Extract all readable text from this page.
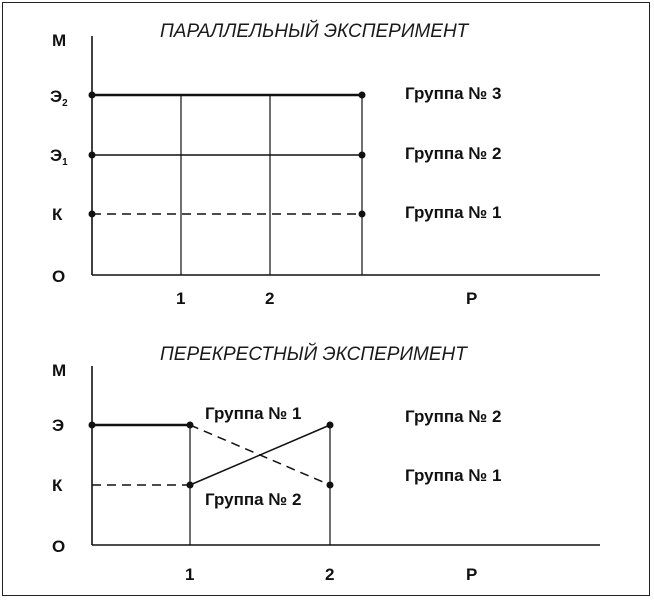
ПАРАЛЛЕЛЬНЫЙ ЭКСПЕРИМЕНТ
М
$Э_2$
$Э_1$
К
О
1	2	Р
Группа № 3
Группа № 2
Группа № 1
ПЕРЕКРЕСТНЫЙ ЭКСПЕРИМЕНТ
М
Э
К
О
Группа № 1
Группа № 2
1	2	Р
Группа № 2
Группа № 1
